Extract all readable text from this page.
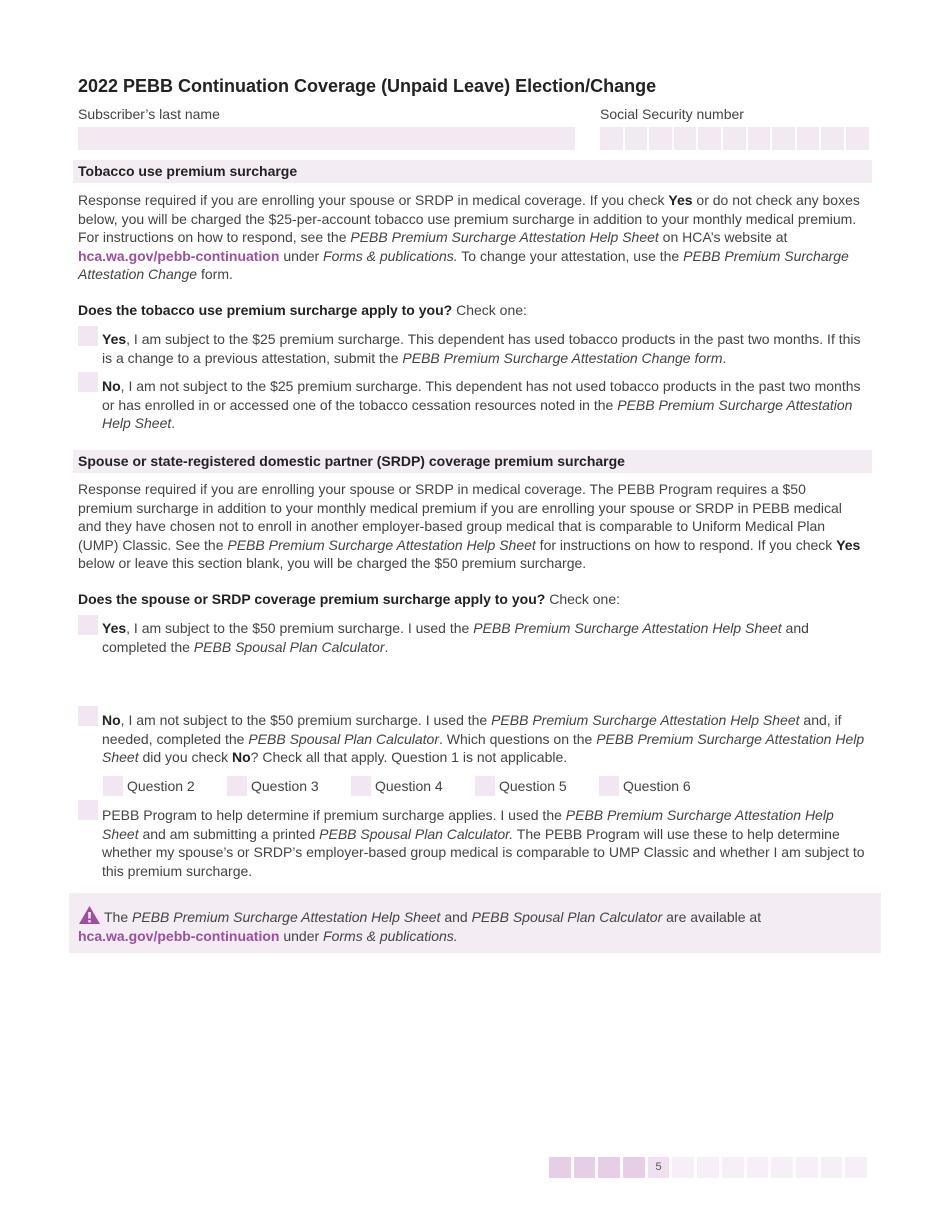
2022 PEBB Continuation Coverage (Unpaid Leave) Election/Change
Subscriber’s last name	Social Security number
Tobacco use premium surcharge
Response required if you are enrolling your spouse or SRDP in medical coverage. If you check Yes or do not check any boxes below, you will be charged the $25-per-account tobacco use premium surcharge in addition to your monthly medical premium. For instructions on how to respond, see the PEBB Premium Surcharge Attestation Help Sheet on HCA’s website at hca.wa.gov/pebb-continuation under Forms & publications. To change your attestation, use the PEBB Premium Surcharge Attestation Change form.
Does the tobacco use premium surcharge apply to you? Check one:
Yes, I am subject to the $25 premium surcharge. This dependent has used tobacco products in the past two months. If this is a change to a previous attestation, submit the PEBB Premium Surcharge Attestation Change form.
No, I am not subject to the $25 premium surcharge. This dependent has not used tobacco products in the past two months or has enrolled in or accessed one of the tobacco cessation resources noted in the PEBB Premium Surcharge Attestation Help Sheet.
Spouse or state-registered domestic partner (SRDP) coverage premium surcharge
Response required if you are enrolling your spouse or SRDP in medical coverage. The PEBB Program requires a $50 premium surcharge in addition to your monthly medical premium if you are enrolling your spouse or SRDP in PEBB medical and they have chosen not to enroll in another employer-based group medical that is comparable to Uniform Medical Plan (UMP) Classic. See the PEBB Premium Surcharge Attestation Help Sheet for instructions on how to respond. If you check Yes below or leave this section blank, you will be charged the $50 premium surcharge.
Does the spouse or SRDP coverage premium surcharge apply to you? Check one:
Yes, I am subject to the $50 premium surcharge. I used the PEBB Premium Surcharge Attestation Help Sheet and completed the PEBB Spousal Plan Calculator.
No, I am not subject to the $50 premium surcharge. I used the PEBB Premium Surcharge Attestation Help Sheet and, if needed, completed the PEBB Spousal Plan Calculator. Which questions on the PEBB Premium Surcharge Attestation Help Sheet did you check No? Check all that apply. Question 1 is not applicable.
Question 2	Question 3	Question 4	Question 5	Question 6
PEBB Program to help determine if premium surcharge applies. I used the PEBB Premium Surcharge Attestation Help Sheet and am submitting a printed PEBB Spousal Plan Calculator. The PEBB Program will use these to help determine whether my spouse’s or SRDP’s employer-based group medical is comparable to UMP Classic and whether I am subject to this premium surcharge.
The PEBB Premium Surcharge Attestation Help Sheet and PEBB Spousal Plan Calculator are available at
hca.wa.gov/pebb-continuation under Forms & publications.
5
